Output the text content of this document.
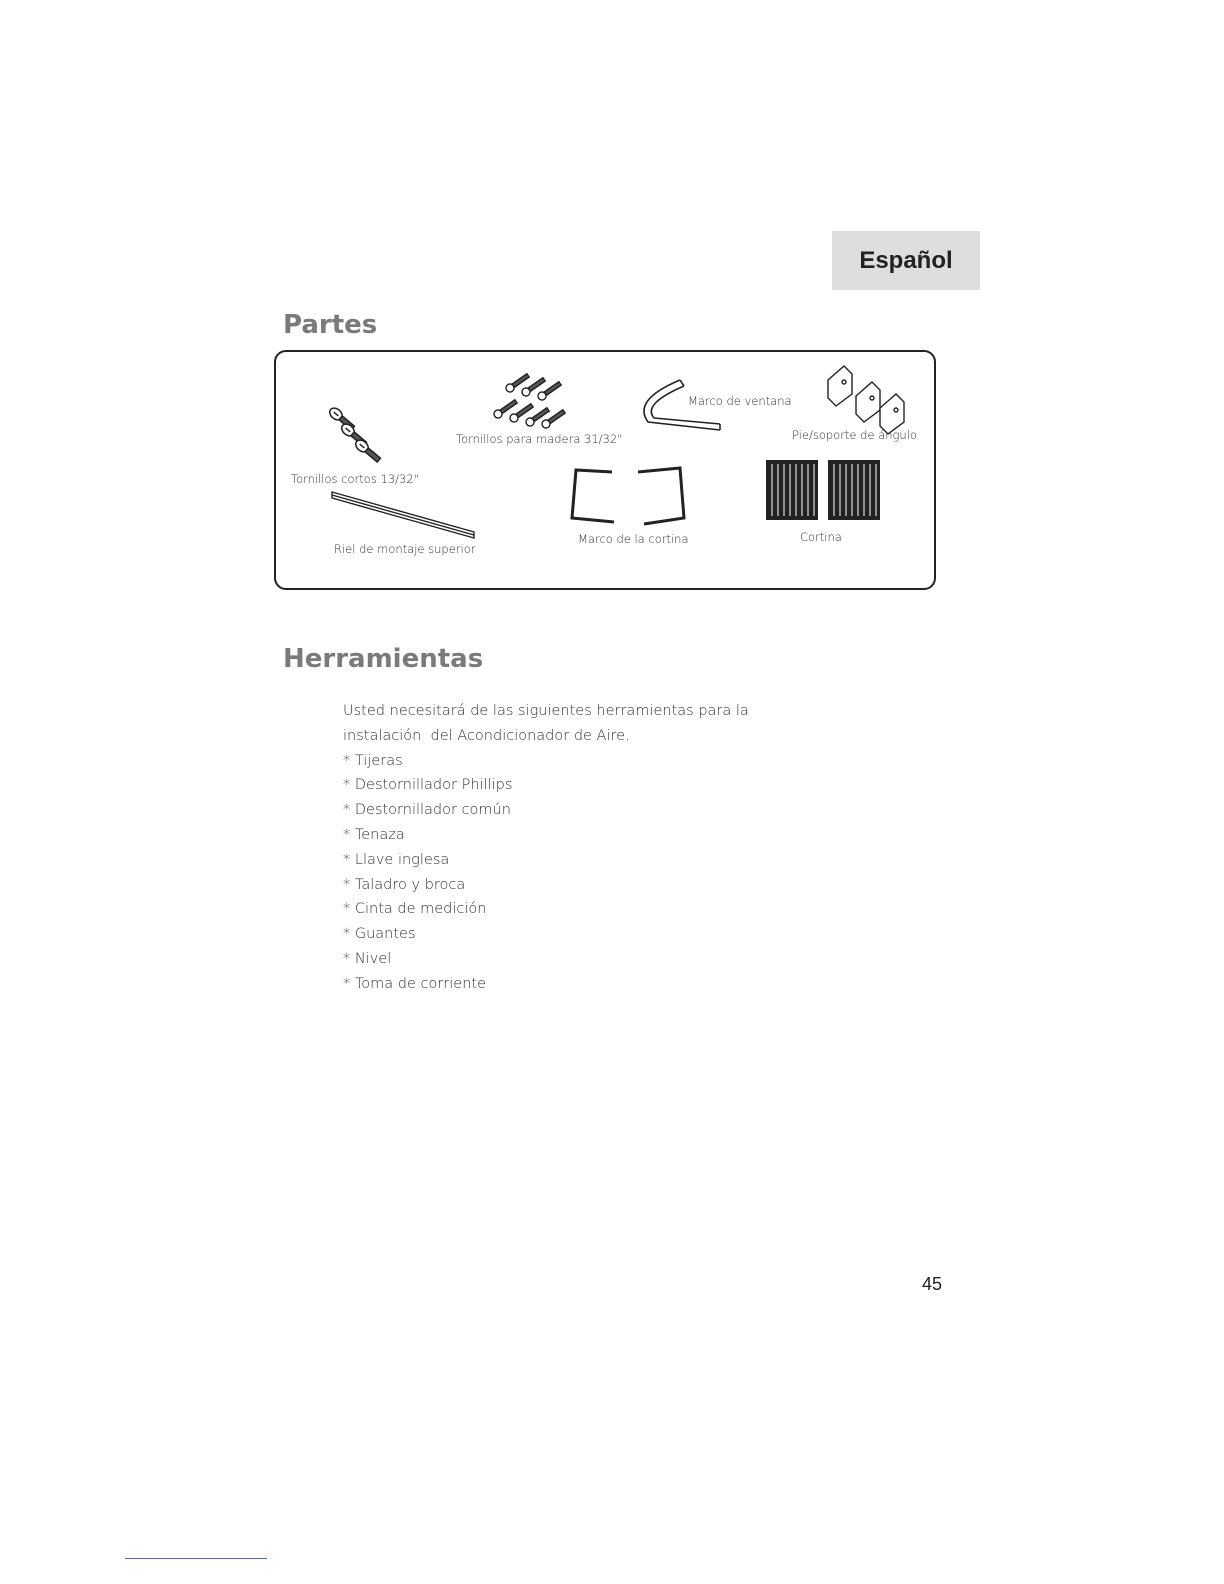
Español
Partes
Tornillos cortos 13/32"
Tornillos para madera 31/32"
Marco de ventana
Pie/soporte de ángulo
Riel de montaje superior
Marco de la cortina	Cortina
Herramientas

Usted necesitará de las siguientes herramientas para la

instalación  del Acondicionador de Aire.

* Tijeras
* Destornillador Phillips
* Destornillador común
* Tenaza
* Llave inglesa
* Taladro y broca
* Cinta de medición
* Guantes
* Nivel
* Toma de corriente
45
